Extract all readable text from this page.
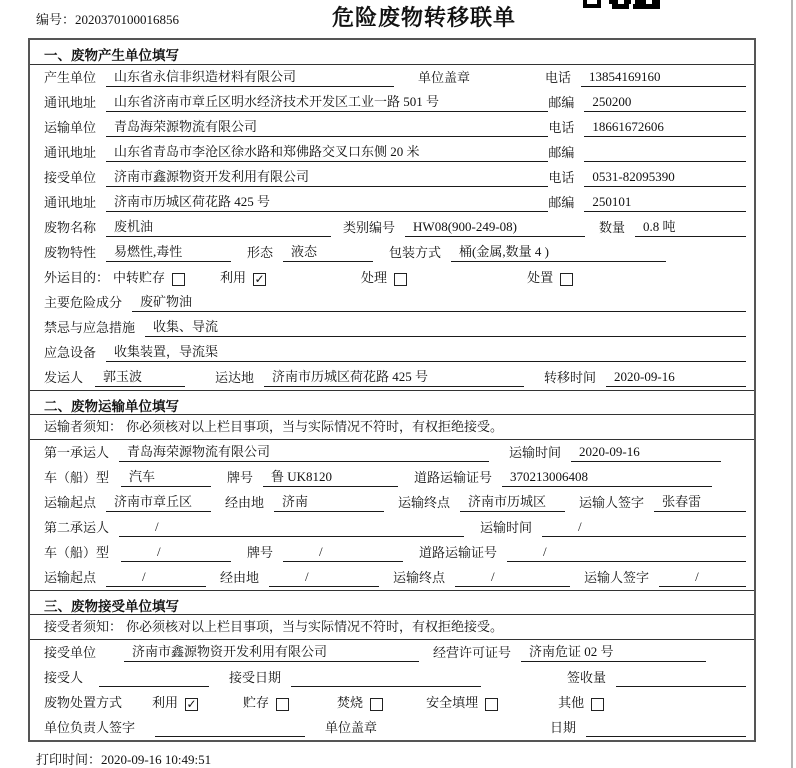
编号：2020370100016856	危险废物转移联单
一、废物产生单位填写
产生单位	山东省永信非织造材料有限公司	单位盖章	电话	13854169160
通讯地址	山东省济南市章丘区明水经济技术开发区工业一路 501 号	邮编	250200
运输单位	青岛海荣源物流有限公司	电话	18661672606
通讯地址	山东省青岛市李沧区徐水路和郑佛路交叉口东侧 20 米	邮编
接受单位	济南市鑫源物资开发利用有限公司	电话	0531-82095390
通讯地址	济南市历城区荷花路 425 号	邮编	250101
废物名称	废机油	类别编号	HW08(900-249-08)	数量	0.8 吨
废物特性	易燃性,毒性	形态	液态	包装方式	桶(金属,数量 4 )
外运目的： 中转贮存	利用 ✓	处理	处置
主要危险成分	废矿物油
禁忌与应急措施	收集、导流
应急设备	收集装置，导流渠
发运人	郭玉波	运达地	济南市历城区荷花路 425 号	转移时间	2020-09-16
二、废物运输单位填写
运输者须知： 你必须核对以上栏目事项，当与实际情况不符时，有权拒绝接受。
第一承运人	青岛海荣源物流有限公司	运输时间	2020-09-16
车（船）型	汽车	牌号	鲁 UK8120	道路运输证号	370213006408
运输起点	济南市章丘区	经由地	济南	运输终点	济南市历城区	运输人签字	张春雷
第二承运人	/	运输时间	/
车（船）型	/	牌号	/	道路运输证号	/
运输起点	/	经由地	/	运输终点	/	运输人签字	/
三、废物接受单位填写
接受者须知： 你必须核对以上栏目事项，当与实际情况不符时，有权拒绝接受。
接受单位	济南市鑫源物资开发利用有限公司	经营许可证号	济南危证 02 号
接受人	接受日期	签收量
废物处置方式 利用 ✓	贮存	焚烧	安全填埋	其他
单位负责人签字	单位盖章	日期
打印时间：2020-09-16 10:49:51
